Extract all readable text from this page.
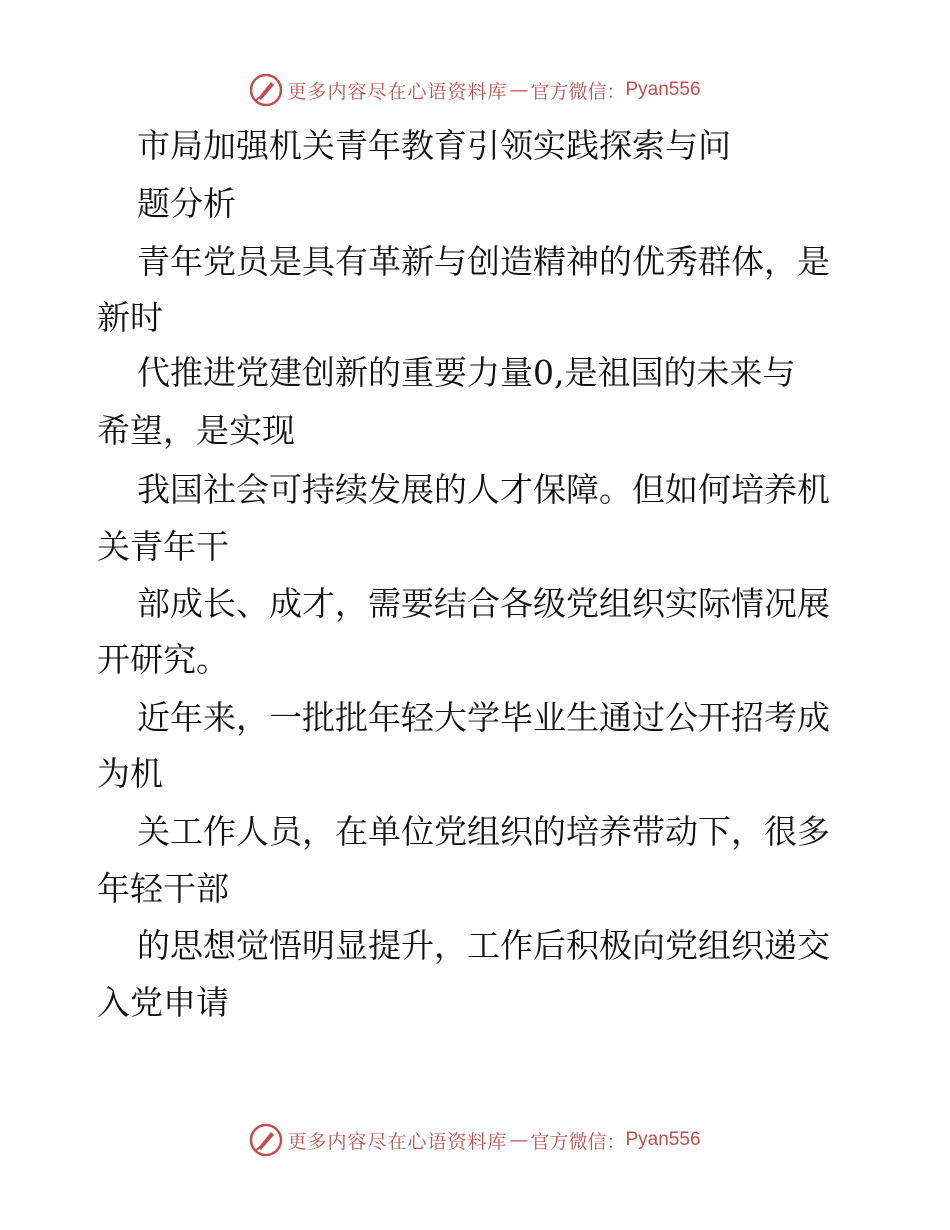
更多内容尽在心语资料库 — 官方微信： Pyan556
市局加强机关青年教育引领实践探索与问
题分析
青年党员是具有革新与创造精神的优秀群体，是
新时
代推进党建创新的重要力量0,是祖国的未来与
希望，是实现
我国社会可持续发展的人才保障。但如何培养机
关青年干
部成长、成才，需要结合各级党组织实际情况展
开研究。
近年来，一批批年轻大学毕业生通过公开招考成
为机
关工作人员，在单位党组织的培养带动下，很多
年轻干部
的思想觉悟明显提升，工作后积极向党组织递交
入党申请
更多内容尽在心语资料库 — 官方微信： Pyan556
